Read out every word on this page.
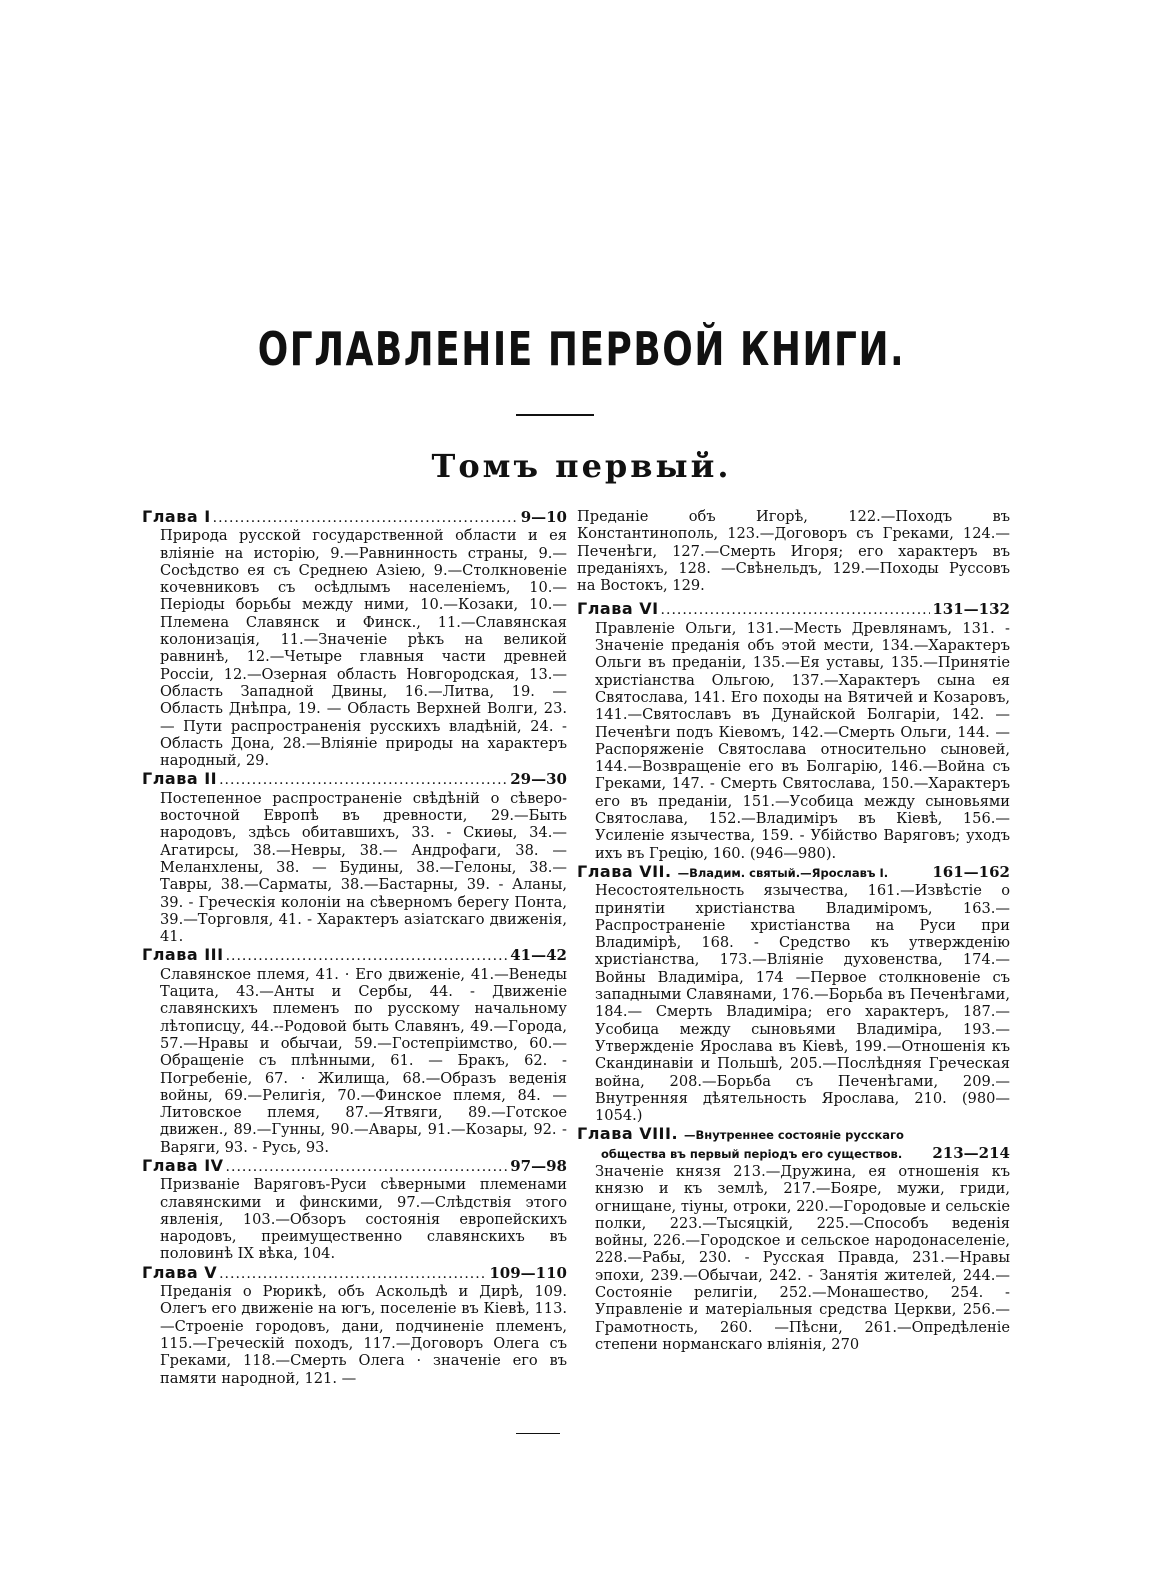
ОГЛАВЛЕНІЕ ПЕРВОЙ КНИГИ.
Томъ первый.
Глава I .....	9—10

Природа русской государственной области и ея вліяніе на исторію, 9.—Равнинность страны, 9.—Сосѣдство ея съ Среднею Азіею, 9.—Столкновеніе кочевниковъ съ осѣдлымъ населеніемъ, 10.—Періоды борьбы между ними, 10.—Козаки, 10.—Племена Славянск и Финск., 11.—Славянская колонизація, 11.—Значеніе рѣкъ на великой равнинѣ, 12.—Четыре главныя части древней Россіи, 12.—Озерная область Новгородская, 13.—Область Западной Двины, 16.—Литва, 19. — Область Днѣпра, 19. — Область Верхней Волги, 23. — Пути распространенія русскихъ владѣній, 24. - Область Дона, 28.—Вліяніе природы на характеръ народный, 29.

Глава II .....	29—30

Постепенное распространеніе свѣдѣній о сѣверо-восточной Европѣ въ древности, 29.—Быть народовъ, здѣсь обитавшихъ, 33. - Скиѳы, 34.—Агатирсы, 38.—Невры, 38.— Андрофаги, 38. — Меланхлены, 38. — Будины, 38.—Гелоны, 38.—Тавры, 38.—Сарматы, 38.—Бастарны, 39. - Аланы, 39. - Греческія колоніи на сѣверномъ берегу Понта, 39.—Торговля, 41. - Характеръ азіатскаго движенія, 41.

Глава III .....	41—42

Славянское племя, 41. · Его движеніе, 41.—Венеды Тацита, 43.—Анты и Сербы, 44. - Движеніе славянскихъ племенъ по русскому начальному лѣтописцу, 44.--Родовой быть Славянъ, 49.—Города, 57.—Нравы и обычаи, 59.—Гостепріимство, 60.—Обращеніе съ плѣнными, 61. — Бракъ, 62. - Погребеніе, 67. · Жилища, 68.—Образъ веденія войны, 69.—Религія, 70.—Финское племя, 84. — Литовское племя, 87.—Ятвяги, 89.—Готское движен., 89.—Гунны, 90.—Авары, 91.—Козары, 92. - Варяги, 93. - Русь, 93.

Глава IV .....	97—98

Призваніе Варяговъ-Руси сѣверными племенами славянскими и финскими, 97.—Слѣдствія этого явленія, 103.—Обзоръ состоянія европейскихъ народовъ, преимущественно славянскихъ въ половинѣ IX вѣка, 104.

Глава V .....	109—110

Преданія о Рюрикѣ, объ Аскольдѣ и Дирѣ, 109. Олегъ его движеніе на югъ, поселеніе въ Кіевѣ, 113.—Строеніе городовъ, дани, подчиненіе племенъ, 115.—Греческій походъ, 117.—Договоръ Олега съ Греками, 118.—Смерть Олега · значеніе его въ памяти народной, 121. —

Преданіе объ Игорѣ, 122.—Походъ въ Константинополь, 123.—Договоръ съ Греками, 124.—Печенѣги, 127.—Смерть Игоря; его характеръ въ преданіяхъ, 128. —Свѣнельдъ, 129.—Походы Руссовъ на Востокъ, 129.

Глава VI .....	131—132

Правленіе Ольги, 131.—Месть Древлянамъ, 131. - Значеніе преданія объ этой мести, 134.—Характеръ Ольги въ преданіи, 135.—Ея уставы, 135.—Принятіе христіанства Ольгою, 137.—Характеръ сына ея Святослава, 141. Его походы на Вятичей и Козаровъ, 141.—Святославъ въ Дунайской Болгаріи, 142. —Печенѣги подъ Кіевомъ, 142.—Смерть Ольги, 144. —Распоряженіе Святослава относительно сыновей, 144.—Возвращеніе его въ Болгарію, 146.—Война съ Греками, 147. - Смерть Святослава, 150.—Характеръ его въ преданіи, 151.—Усобица между сыновьями Святослава, 152.—Владиміръ въ Кіевѣ, 156.—Усиленіе язычества, 159. - Убійство Варяговъ; уходъ ихъ въ Грецію, 160. (946—980).

Глава VII. —Владим. святый.—Ярославъ I.	161—162

Несостоятельность язычества, 161.—Извѣстіе о принятіи христіанства Владиміромъ, 163.—Распространеніе христіанства на Руси при Владимірѣ, 168. - Средство къ утвержденію христіанства, 173.—Вліяніе духовенства, 174.—Войны Владиміра, 174 —Первое столкновеніе съ западными Славянами, 176.—Борьба въ Печенѣгами, 184.— Смерть Владиміра; его характеръ, 187.—Усобица между сыновьями Владиміра, 193.—Утвержденіе Ярослава въ Кіевѣ, 199.—Отношенія къ Скандинавіи и Польшѣ, 205.—Послѣдняя Греческая война, 208.—Борьба съ Печенѣгами, 209.—Внутренняя дѣятельность Ярослава, 210. (980—1054.)

Глава VIII. —Внутреннее состояніе русскаго
общества въ первый періодъ его существов. 213—214

Значеніе князя 213.—Дружина, ея отношенія къ князю и къ землѣ, 217.—Бояре, мужи, гриди, огнищане, тіуны, отроки, 220.—Городовые и сельскіе полки, 223.—Тысяцкій, 225.—Способъ веденія войны, 226.—Городское и сельское народонаселеніе, 228.—Рабы, 230. - Русская Правда, 231.—Нравы эпохи, 239.—Обычаи, 242. - Занятія жителей, 244.—Состояніе религіи, 252.—Монашество, 254. - Управленіе и матеріальныя средства Церкви, 256.—Грамотность, 260. —Пѣсни, 261.—Опредѣленіе степени норманскаго вліянія, 270
